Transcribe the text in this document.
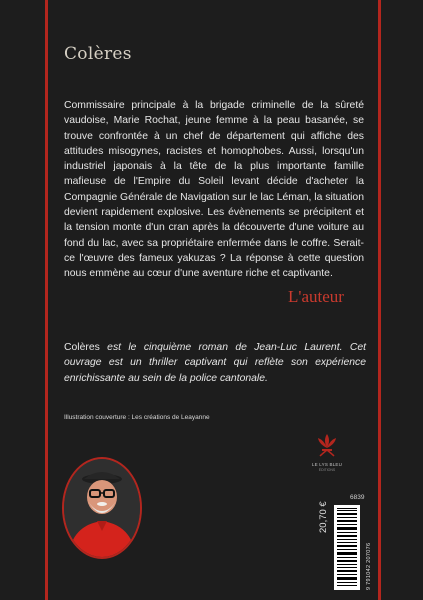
Colères

Commissaire principale à la brigade criminelle de la sûreté vaudoise, Marie Rochat, jeune femme à la peau basanée, se trouve confrontée à un chef de département qui affiche des attitudes misogynes, racistes et homophobes. Aussi, lorsqu'un industriel japonais à la tête de la plus importante famille mafieuse de l'Empire du Soleil levant décide d'acheter la Compagnie Générale de Navigation sur le lac Léman, la situation devient rapidement explosive. Les évènements se précipitent et la tension monte d'un cran après la découverte d'une voiture au fond du lac, avec sa propriétaire enfermée dans le coffre. Serait-ce l'œuvre des fameux yakuzas ? La réponse à cette question nous emmène au cœur d'une aventure riche et captivante.

L'auteur

Colères est le cinquième roman de Jean-Luc Laurent. Cet ouvrage est un thriller captivant qui reflète son expérience enrichissante au sein de la police cantonale.

Illustration couverture : Les créations de Leayanne
LE LYS BLEU
ÉDITIONS
6839
20,70 €
9 791042 207076
